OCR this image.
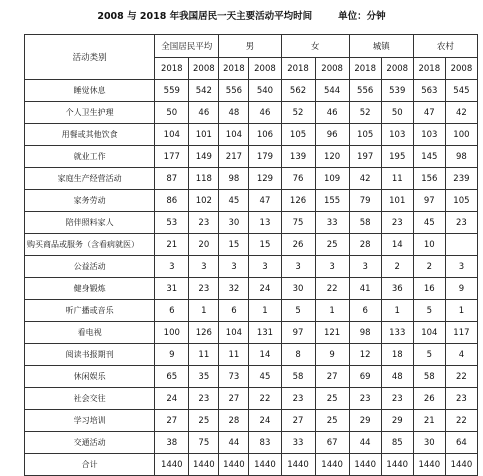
2008 与 2018 年我国居民一天主要活动平均时间	单位：分钟
活动类别	全国居民平均		男		女		城镇		农村	
	2018	2008	2018	2008	2018	2008	2018	2008	2018	2008
睡觉休息	559	542	556	540	562	544	556	539	563	545
个人卫生护理	50	46	48	46	52	46	52	50	47	42
用餐或其他饮食	104	101	104	106	105	96	105	103	103	100
就业工作	177	149	217	179	139	120	197	195	145	98
家庭生产经营活动	87	118	98	129	76	109	42	11	156	239
家务劳动	86	102	45	47	126	155	79	101	97	105
陪伴照料家人	53	23	30	13	75	33	58	23	45	23
购买商品或服务（含看病就医）	21	20	15	15	26	25	28	14	10	
公益活动	3	3	3	3	3	3	3	2	2	3
健身锻炼	31	23	32	24	30	22	41	36	16	9
听广播或音乐	6	1	6	1	5	1	6	1	5	1
看电视	100	126	104	131	97	121	98	133	104	117
阅读书报期刊	9	11	11	14	8	9	12	18	5	4
休闲娱乐	65	35	73	45	58	27	69	48	58	22
社会交往	24	23	27	22	23	25	23	23	26	23
学习培训	27	25	28	24	27	25	29	29	21	22
交通活动	38	75	44	83	33	67	44	85	30	64
合计	1440	1440	1440	1440	1440	1440	1440	1440	1440	1440
